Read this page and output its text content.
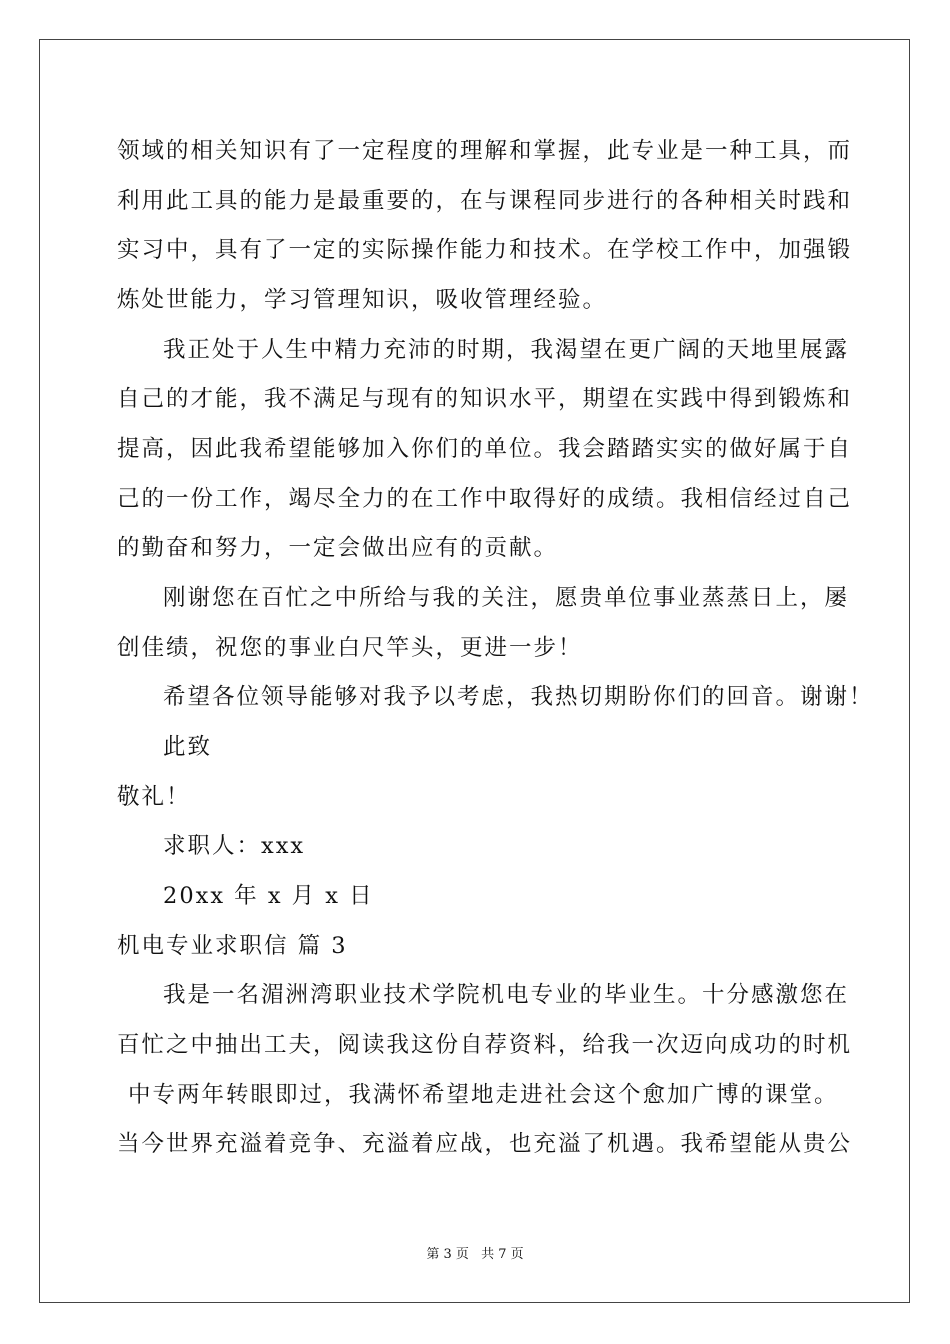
领域的相关知识有了一定程度的理解和掌握，此专业是一种工具，而
利用此工具的能力是最重要的，在与课程同步进行的各种相关时践和
实习中，具有了一定的实际操作能力和技术。在学校工作中，加强锻
炼处世能力，学习管理知识，吸收管理经验。
我正处于人生中精力充沛的时期，我渴望在更广阔的天地里展露
自己的才能，我不满足与现有的知识水平，期望在实践中得到锻炼和
提高，因此我希望能够加入你们的单位。我会踏踏实实的做好属于自
己的一份工作，竭尽全力的在工作中取得好的成绩。我相信经过自己
的勤奋和努力，一定会做出应有的贡献。
刚谢您在百忙之中所给与我的关注，愿贵单位事业蒸蒸日上，屡
创佳绩，祝您的事业白尺竿头，更进一步！
希望各位领导能够对我予以考虑，我热切期盼你们的回音。谢谢！
此致
敬礼！
求职人：xxx
20xx 年 x 月 x 日
机电专业求职信 篇 3
我是一名湄洲湾职业技术学院机电专业的毕业生。十分感激您在
百忙之中抽出工夫，阅读我这份自荐资料，给我一次迈向成功的时机
中专两年转眼即过，我满怀希望地走进社会这个愈加广博的课堂。
当今世界充溢着竞争、充溢着应战，也充溢了机遇。我希望能从贵公
第 3 页 共 7 页
